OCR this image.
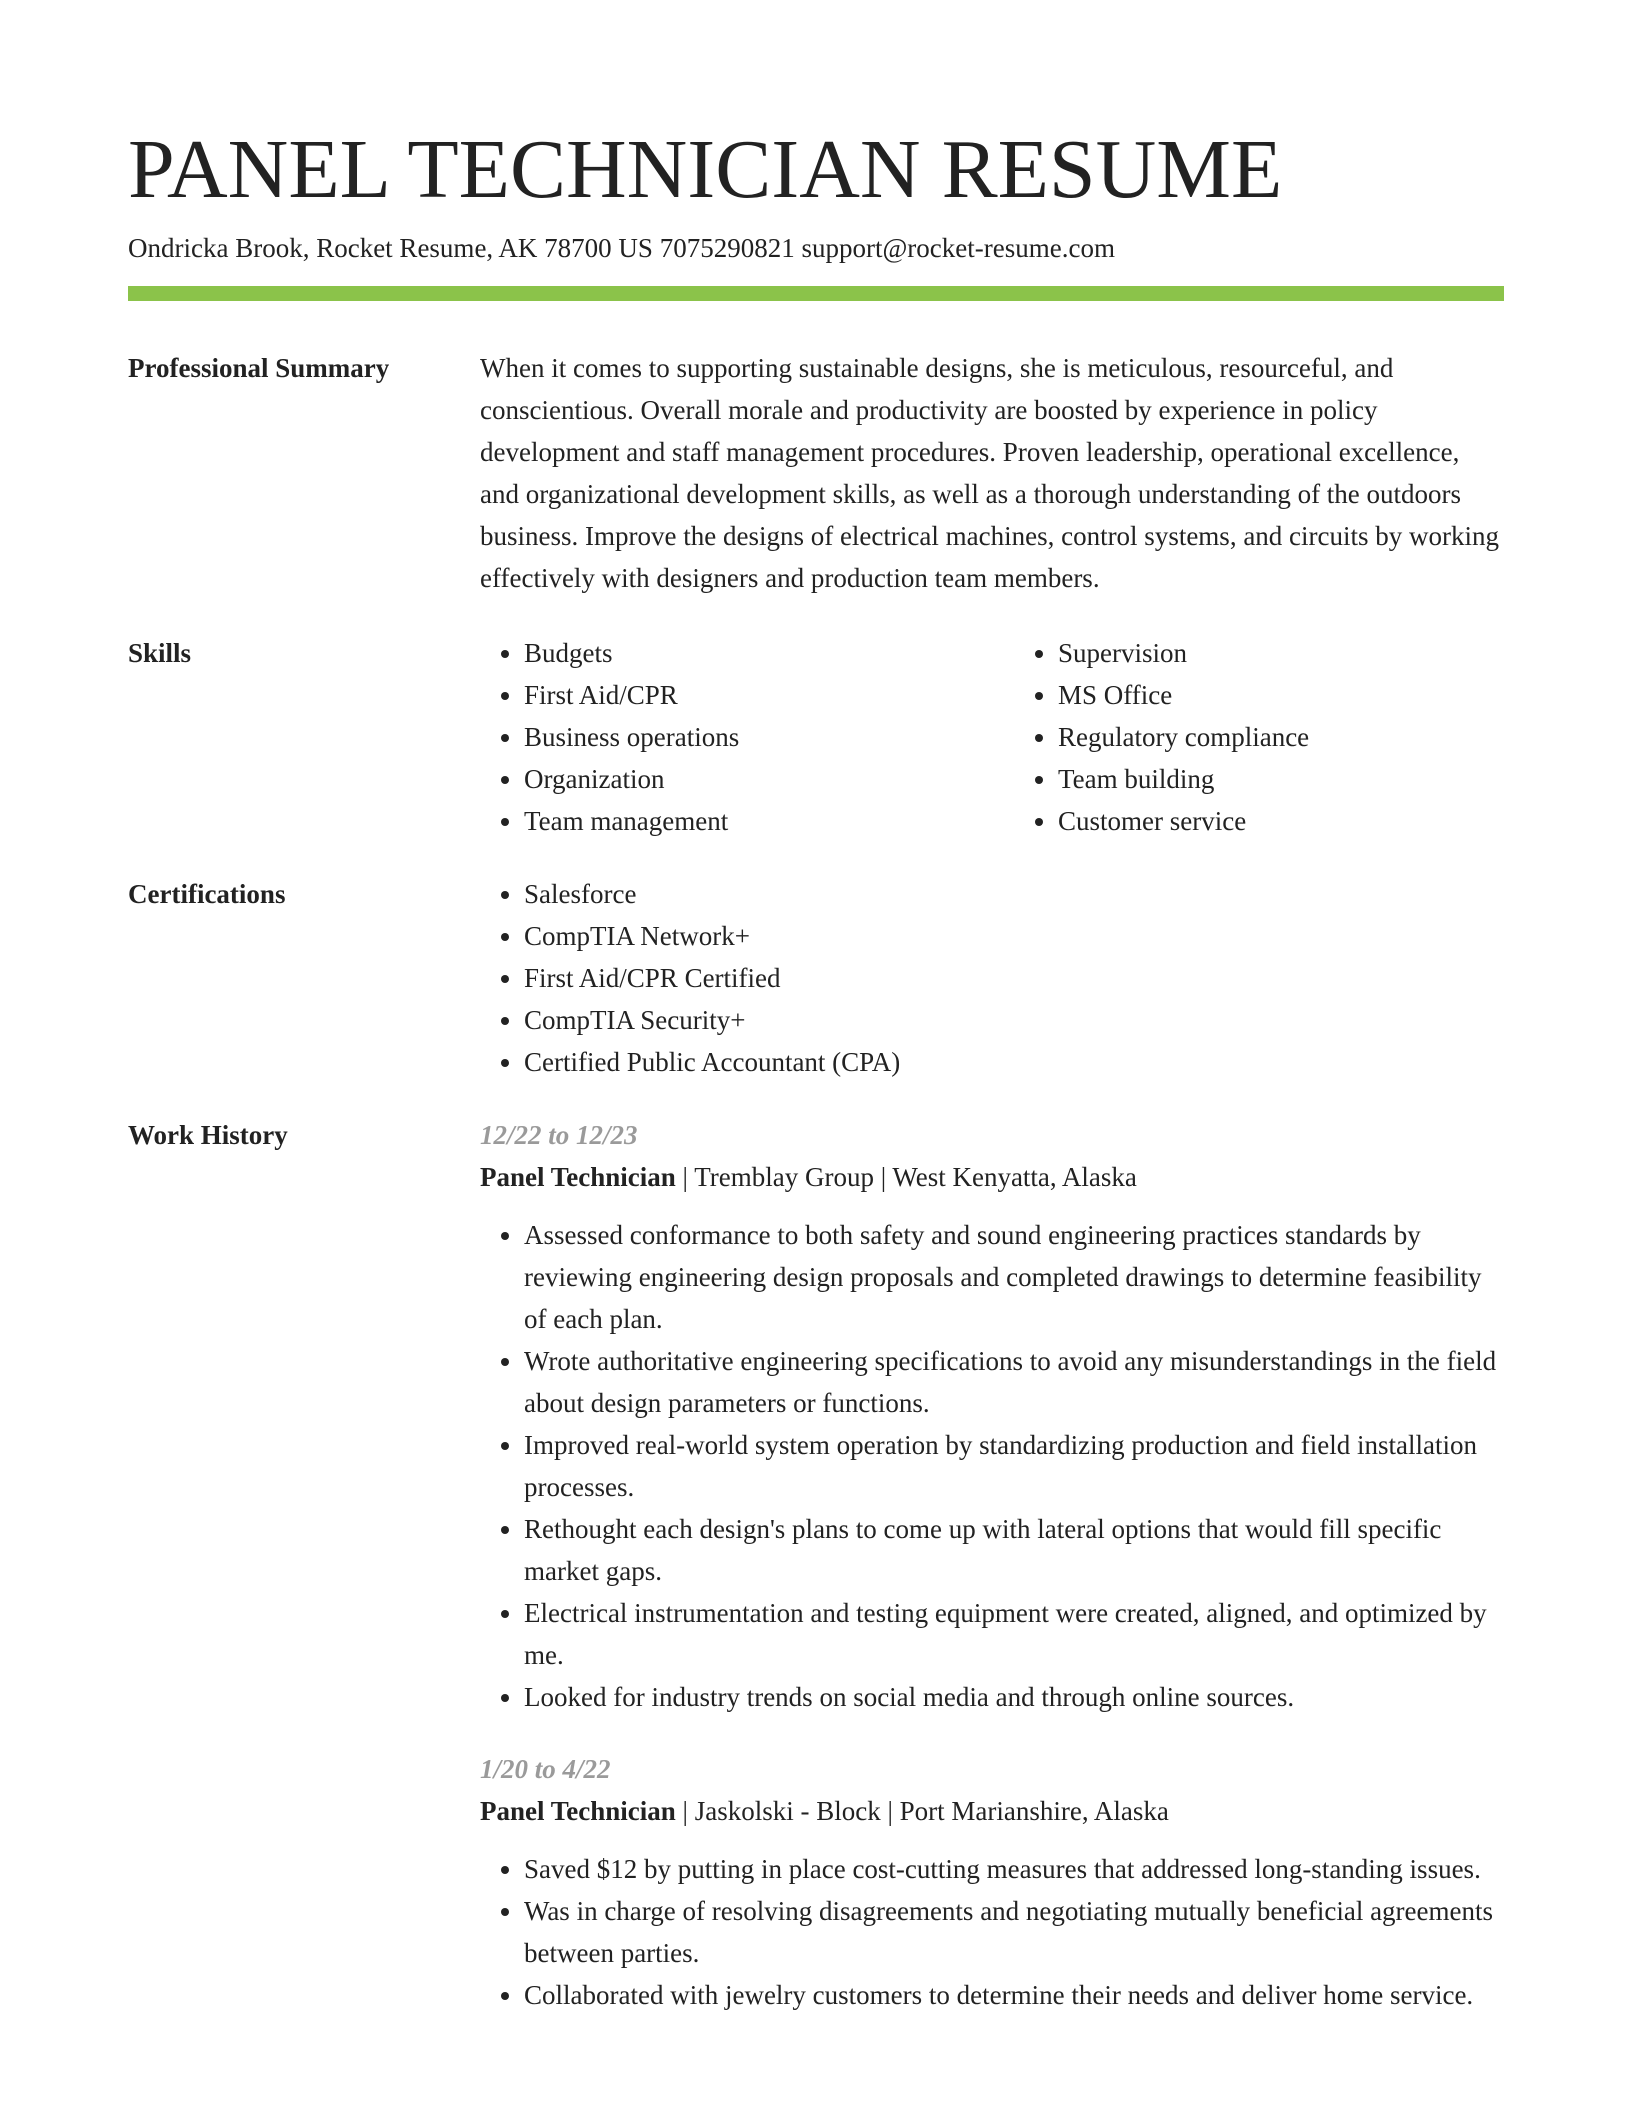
PANEL TECHNICIAN RESUME
Ondricka Brook, Rocket Resume, AK 78700 US 7075290821 support@rocket-resume.com
Professional Summary	When it comes to supporting sustainable designs, she is meticulous, resourceful, and conscientious. Overall morale and productivity are boosted by experience in policy development and staff management procedures. Proven leadership, operational excellence, and organizational development skills, as well as a thorough understanding of the outdoors business. Improve the designs of electrical machines, control systems, and circuits by working effectively with designers and production team members.

Skills	• Budgets
• First Aid/CPR
• Business operations
• Organization
• Team management
• Supervision
• MS Office
• Regulatory compliance
• Team building
• Customer service
Certifications	• Salesforce
• CompTIA Network+
• First Aid/CPR Certified
• CompTIA Security+
• Certified Public Accountant (CPA)
Work History	12/22 to 12/23
Panel Technician | Tremblay Group | West Kenyatta, Alaska
• Assessed conformance to both safety and sound engineering practices standards by reviewing engineering design proposals and completed drawings to determine feasibility of each plan.
• Wrote authoritative engineering specifications to avoid any misunderstandings in the field about design parameters or functions.
• Improved real-world system operation by standardizing production and field installation processes.
• Rethought each design's plans to come up with lateral options that would fill specific market gaps.
• Electrical instrumentation and testing equipment were created, aligned, and optimized by me.
• Looked for industry trends on social media and through online sources.
1/20 to 4/22
Panel Technician | Jaskolski - Block | Port Marianshire, Alaska
• Saved $12 by putting in place cost-cutting measures that addressed long-standing issues.
• Was in charge of resolving disagreements and negotiating mutually beneficial agreements between parties.
• Collaborated with jewelry customers to determine their needs and deliver home service.
